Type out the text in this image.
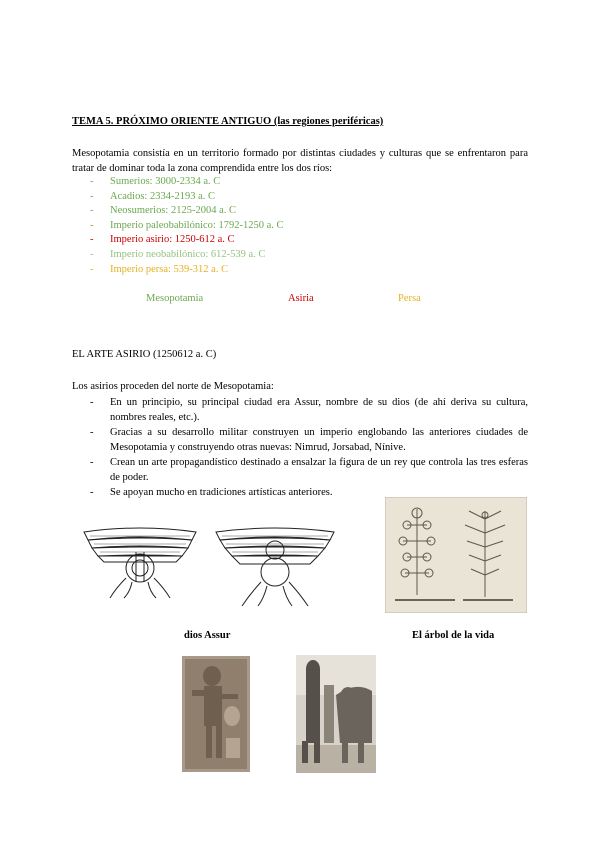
TEMA 5. PRÓXIMO ORIENTE ANTIGUO (las regiones periféricas)
Mesopotamia consistía en un territorio formado por distintas ciudades y culturas que se enfrentaron para tratar de dominar toda la zona comprendida entre los dos ríos:
- Sumerios: 3000-2334 a. C
- Acadios: 2334-2193 a. C
- Neosumerios: 2125-2004 a. C
- Imperio paleobabilónico: 1792-1250 a. C
- Imperio asirio: 1250-612 a. C
- Imperio neobabilónico: 612-539 a. C
- Imperio persa: 539-312 a. C
Mesopotamia	Asiria	Persa
EL ARTE ASIRIO (1250612 a. C)
Los asirios proceden del norte de Mesopotamia:
-	En un principio, su principal ciudad era Assur, nombre de su dios (de ahí deriva su cultura, nombres reales, etc.).
-	Gracias a su desarrollo militar construyen un imperio englobando las anteriores ciudades de Mesopotamia y construyendo otras nuevas: Nimrud, Jorsabad, Nínive.
-	Crean un arte propagandístico destinado a ensalzar la figura de un rey que controla las tres esferas de poder.
-	Se apoyan mucho en tradiciones artísticas anteriores.
dios Assur	El árbol de la vida
